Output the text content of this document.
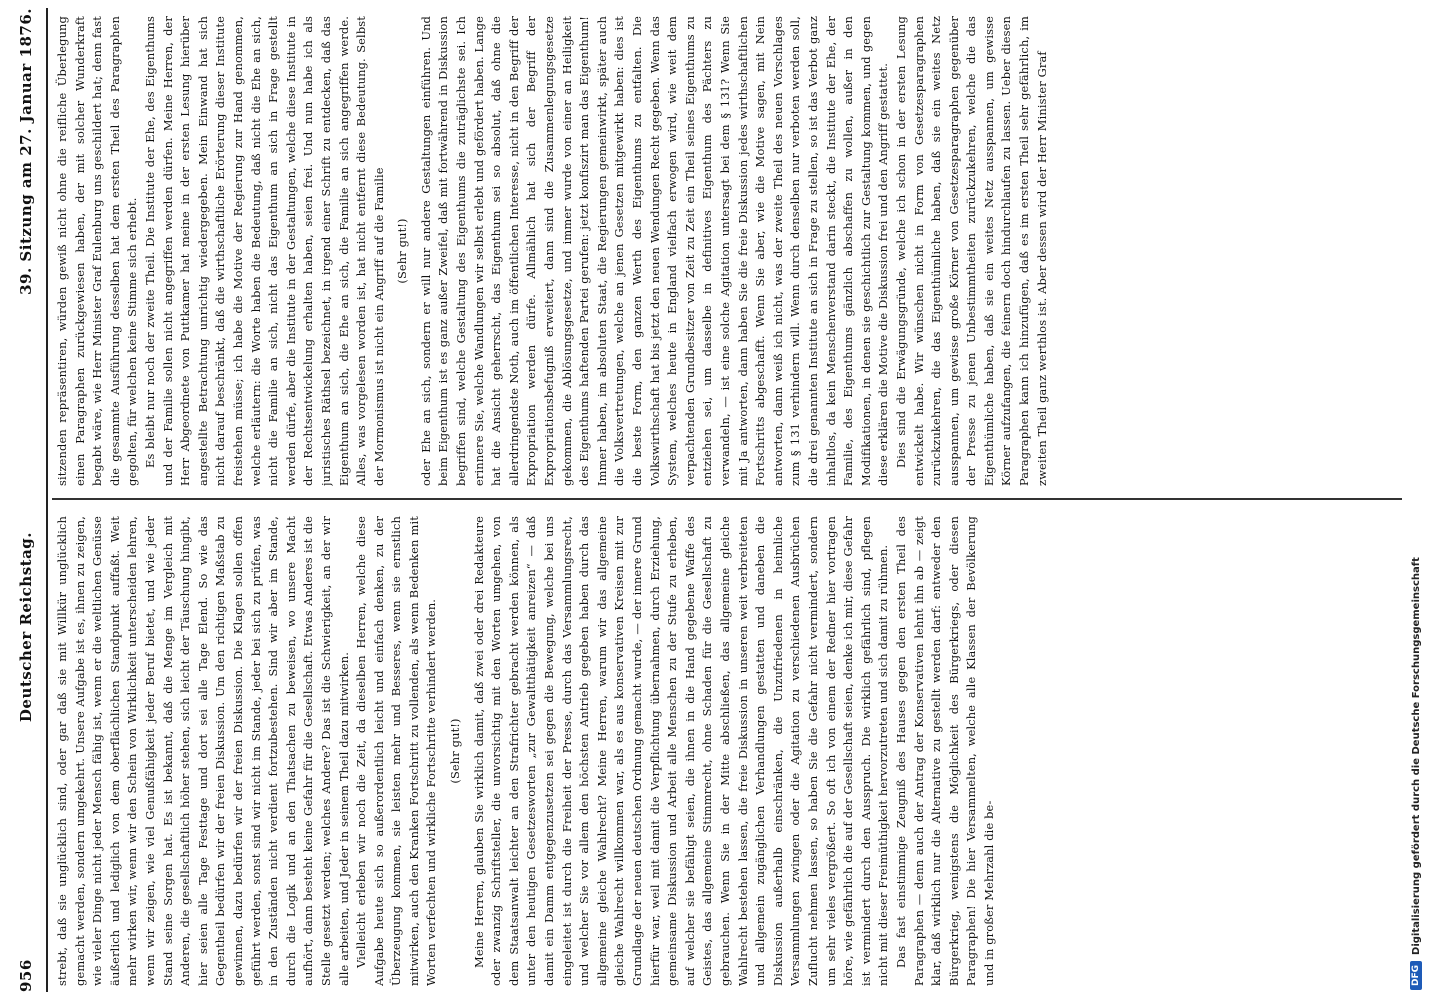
956
Deutscher Reichstag.
39. Sitzung am 27. Januar 1876.

strebt, daß sie unglücklich sind, oder gar daß sie mit Willkür unglücklich gemacht werden, sondern umgekehrt. Unsere Aufgabe ist es, ihnen zu zeigen, wie vieler Dinge nicht jeder Mensch fähig ist, wenn er die weltlichen Genüsse äußerlich und lediglich von dem oberflächlichen Standpunkt auffaßt. Weit mehr wirken wir, wenn wir den Schein von Wirklichkeit unterscheiden lehren, wenn wir zeigen, wie viel Genußfähigkeit jeder Beruf bietet, und wie jeder Stand seine Sorgen hat. Es ist bekannt, daß die Menge im Vergleich mit Anderen, die gesellschaftlich höher stehen, sich leicht der Täuschung hingibt, hier seien alle Tage Festtage und dort sei alle Tage Elend. So wie das Gegentheil bedürfen wir der freien Diskussion. Um den richtigen Maßstab zu gewinnen, dazu bedürfen wir der freien Diskussion. Die Klagen sollen offen geführt werden, sonst sind wir nicht im Stande, jeder bei sich zu prüfen, was in den Zuständen nicht verdient fortzubestehen. Sind wir aber im Stande, durch die Logik und an den Thatsachen zu beweisen, wo unsere Macht aufhört, dann besteht keine Gefahr für die Gesellschaft. Etwas Anderes ist die Stelle gesetzt werden; welches Andere? Das ist die Schwierigkeit, an der wir alle arbeiten, und Jeder in seinem Theil dazu mitwirken. Vielleicht erleben wir noch die Zeit, da dieselben Herren, welche diese Aufgabe heute sich so außerordentlich leicht und einfach denken, zu der Überzeugung kommen, sie leisten mehr und Besseres, wenn sie ernstlich mitwirken, auch den Kranken Fortschritt zu vollenden, als wenn Bedenken mit Worten verfechten und wirkliche Fortschritte verhindert werden. (Sehr gut!) Meine Herren, glauben Sie wirklich damit, daß zwei oder drei Redakteure oder zwanzig Schriftsteller, die unvorsichtig mit den Worten umgehen, von dem Staatsanwalt leichter an den Strafrichter gebracht werden können, als unter den heutigen Gesetzesworten „zur Gewaltthätigkeit anreizen“ — daß damit ein Damm entgegenzusetzen sei gegen die Bewegung, welche bei uns eingeleitet ist durch die Freiheit der Presse, durch das Versammlungsrecht, und welcher Sie vor allem den höchsten Antrieb gegeben haben durch das allgemeine gleiche Wahlrecht? Meine Herren, warum wir das allgemeine gleiche Wahlrecht willkommen war, als es aus konservativen Kreisen mit zur Grundlage der neuen deutschen Ordnung gemacht wurde, — der innere Grund hierfür war, weil mit damit die Verpflichtung übernahmen, durch Erziehung, gemeinsame Diskussion und Arbeit alle Menschen zu der Stufe zu erheben, auf welcher sie befähigt seien, die ihnen in die Hand gegebene Waffe des Geistes, das allgemeine Stimmrecht, ohne Schaden für die Gesellschaft zu gebrauchen. Wenn Sie in der Mitte abschließen, das allgemeine gleiche Wahlrecht bestehen lassen, die freie Diskussion in unseren weit verbreiteten und allgemein zugänglichen Verhandlungen gestatten und daneben die Diskussion außerhalb einschränken, die Unzufriedenen in heimliche Versammlungen zwingen oder die Agitation zu verschiedenen Ausbrüchen Zuflucht nehmen lassen, so haben Sie die Gefahr nicht vermindert, sondern um sehr vieles vergrößert. So oft ich von einem der Redner hier vortragen höre, wie gefährlich die auf der Gesellschaft seien, denke ich mir, diese Gefahr ist vermindert durch den Ausspruch. Die wirklich gefährlich sind, pflegen nicht mit dieser Freimüthigkeit hervorzutreten und sich damit zu rühmen. Das fast einstimmige Zeugniß des Hauses gegen den ersten Theil des Paragraphen — denn auch der Antrag der Konservativen lehnt ihn ab — zeigt klar, daß wirklich nur die Alternative zu gestellt werden darf: entweder den Bürgerkrieg, wenigstens die Möglichkeit des Bürgerkriegs, oder diesen Paragraphen! Die hier Versammelten, welche alle Klassen der Bevölkerung und in großer Mehrzahl die be-

sitzenden repräsentiren, würden gewiß nicht ohne die reifliche Überlegung einen Paragraphen zurückgewiesen haben, der mit solcher Wunderkraft begabt wäre, wie Herr Minister Graf Eulenburg uns geschildert hat; denn fast die gesammte Ausführung desselben hat dem ersten Theil des Paragraphen gegolten, für welchen keine Stimme sich erhebt. Es bleibt nur noch der zweite Theil. Die Institute der Ehe, des Eigenthums und der Familie sollen nicht angegriffen werden dürfen. Meine Herren, der Herr Abgeordnete von Puttkamer hat meine in der ersten Lesung hierüber angestellte Betrachtung unrichtig wiedergegeben. Mein Einwand hat sich nicht darauf beschränkt, daß die wirthschaftliche Erörterung dieser Institute freistehen müsse; ich habe die Motive der Regierung zur Hand genommen, welche erläutern: die Worte haben die Bedeutung, daß nicht die Ehe an sich, nicht die Familie an sich, nicht das Eigenthum an sich in Frage gestellt werden dürfe, aber die Institute in der Gestaltungen, welche diese Institute in der Rechtsentwickelung erhalten haben, seien frei. Und nun habe ich als juristisches Räthsel bezeichnet, in irgend einer Schrift zu entdecken, daß das Eigenthum an sich, die Ehe an sich, die Familie an sich angegriffen werde. Alles, was vorgelesen worden ist, hat nicht entfernt diese Bedeutung. Selbst der Mormonismus ist nicht ein Angriff auf die Familie (Sehr gut!) oder Ehe an sich, sondern er will nur andere Gestaltungen einführen. Und beim Eigenthum ist es ganz außer Zweifel, daß mit fortwährend in Diskussion begriffen sind, welche Gestaltung des Eigenthums die zuträglichste sei. Ich erinnere Sie, welche Wandlungen wir selbst erlebt und gefördert haben. Lange hat die Ansicht geherrscht, das Eigenthum sei so absolut, daß ohne die allerdringendste Noth, auch im öffentlichen Interesse, nicht in den Begriff der Expropriation werden dürfe. Allmählich hat sich der Begriff der Expropriationsbefugniß erweitert, dann sind die Zusammenlegungsgesetze gekommen, die Ablösungsgesetze, und immer wurde von einer an Heiligkeit des Eigenthums haftenden Partei gerufen: jetzt konfiszirt man das Eigenthum! Immer haben, im absoluten Staat, die Regierungen gemeinwirkt, später auch die Volksvertretungen, welche an jenen Gesetzen mitgewirkt haben: dies ist die beste Form, den ganzen Werth des Eigenthums zu entfalten. Die Volkswirthschaft hat bis jetzt den neuen Wendungen Recht gegeben. Wenn das System, welches heute in England vielfach erwogen wird, wie weit dem verpachtenden Grundbesitzer von Zeit zu Zeit ein Theil seines Eigenthums zu entziehen sei, um dasselbe in definitives Eigenthum des Pächters zu verwandeln, — ist eine solche Agitation untersagt bei dem § 131? Wenn Sie mit Ja antworten, dann haben Sie die freie Diskussion jedes wirthschaftlichen Fortschritts abgeschafft. Wenn Sie aber, wie die Motive sagen, mit Nein antworten, dann weiß ich nicht, was der zweite Theil des neuen Vorschlages zum § 131 verhindern will. Wenn durch denselben nur verboten werden soll, die drei genannten Institute an sich in Frage zu stellen, so ist das Verbot ganz inhaltlos, da kein Menschenverstand darin steckt, die Institute der Ehe, der Familie, des Eigenthums gänzlich abschaffen zu wollen, außer in den Modifikationen, in denen sie geschichtlich zur Gestaltung kommen, und gegen diese erklären die Motive die Diskussion frei und den Angriff gestattet. Dies sind die Erwägungsgründe, welche ich schon in der ersten Lesung entwickelt habe. Wir wünschen nicht in Form von Gesetzesparagraphen zurückzukehren, die das Eigenthümliche haben, daß sie ein weites Netz ausspannen, um gewisse große Körner von Gesetzesparagraphen gegenüber der Presse zu jenen Unbestimmtheiten zurückzukehren, welche die das Eigenthümliche haben, daß sie ein weites Netz ausspannen, um gewisse Körner aufzufangen, die feinern doch hindurchlaufen zu lassen. Ueber diesen Paragraphen kann ich hinzufügen, daß es im ersten Theil sehr gefährlich, im zweiten Theil ganz werthlos ist. Aber dessen wird der Herr Minister Graf

DFG
Digitalisierung gefördert durch die Deutsche Forschungsgemeinschaft
